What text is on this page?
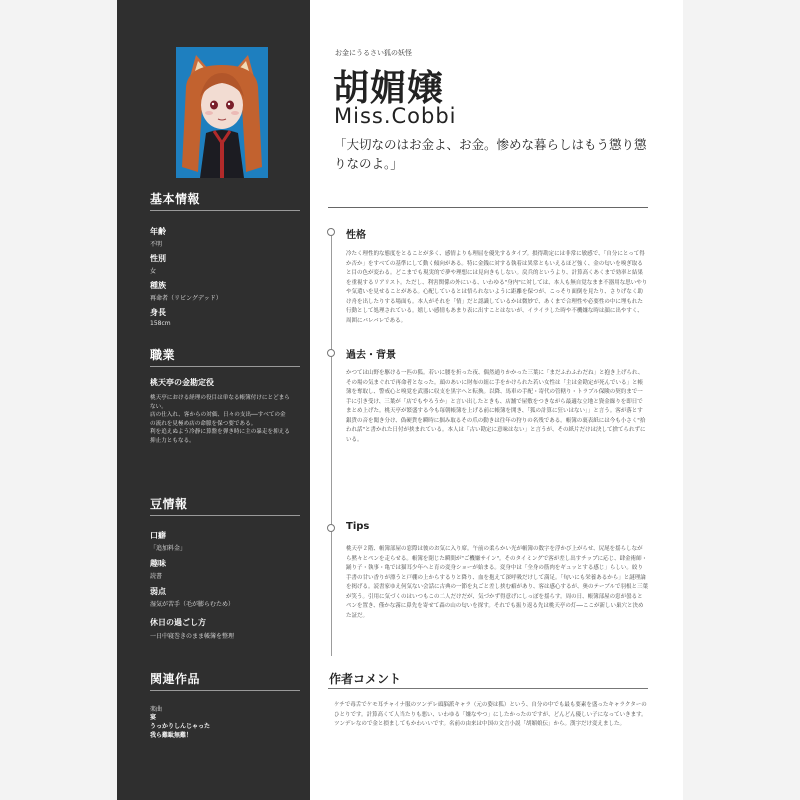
基本情報
年齢
不明
性別
女
種族
再命者（リビングデッド）
身長
158cm
職業
桃天亭の金勘定役

桃天亭における経理の役目は単なる帳簿付けにとどまらない。
店の仕入れ、客からの対価、日々の支出──すべての金の流れを見極め店の命脈を保つ要である。
利を追えぬよう冷静に算盤を弾き時に主の暴走を抑える抑止力ともなる。

豆情報
口癖
「追加料金」
趣味
読書
弱点
湿気が苦手（毛が膨らむため）
休日の過ごし方
一日中寝巻きのまま帳簿を整理
関連作品
楽曲
宴
うっかりしんじゃった
我ら難駄無難！
お金にうるさい狐の妖怪
胡媚嬢
Miss.Cobbi

「大切なのはお金よ、お金。惨めな暮らしはもう懲り懲りなのよ。」

性格

冷たく理性的な態度をとることが多く、感情よりも理屈を優先するタイプ。損得勘定には非常に敏感で、「自分にとって得か否か」をすべての基準にして動く傾向がある。特に金銭に対する執着は異常ともいえるほど強く、金の匂いを嗅ぎ取ると目の色が変わる。どこまでも現実的で夢や理想には見向きもしない。戻兵的というより、計算高くあくまで効率と結果を重視するリアリスト。ただし、利害関係の外にいる、いわゆる"身内"に対しては、本人も無自覚なまま不器用な思いやりや気遣いを見せることがある。心配しているとは悟られないように距離を保つが、こっそり面倒を見たり、さりげなく助け舟を出したりする場面も。本人がそれを「情」だと認識しているかは微妙で、あくまで合理性や必要性の中に埋もれた行動として処理されている。嬉しい感情もあまり表に出すことはないが、イライラした時や不機嫌な時は顔に出やすく、周囲にバレバレである。

過去・背景

かつては山野を駆ける一匹の狐。若いに腰を折った夜、偶然通りかかった三葉に「まだふわふわだね」と抱き上げられ、その場の気まぐれで再命者となった。頭のあいに財布の紐に手をかけられた若い女性は「主は金勘定が死んでいる」と帳簿を奪取し、警戒心と嗅覚を武器に収支を黒字へと転換。以降、馬車の手配・寄代の管轄り・トラブル保険の契約まで一手に引き受け、三葉が「店でもやろうか」と言い出したときも、店舗で屋敷をつきながら最適な立地と資金繰りを即日でまとめ上げた。桃天亭が繁盛する今も毎朝帳簿を上げる前に帳簿を開き、「狐の計算に狂いはない」」と言う。客が落とす銀貨の音を聞き分け、偽硬貨を瞬時に掴み取るその爪の動きは往年の狩りの名残である。帳簿の裏表紙には今も小さく"拾われ話"と書かれた日付が挟まれている。本人は「古い勘定に意味はない」と言うが、その紙片だけは決して捨てられずにいる。

Tips

桃天亭２階、帳簿部屋の窓際は彼のお気に入り席。午前の柔らかい光が帳簿の数字を浮かび上がらせ、尻尾を揺らしながら黙々とペンを走らせる。帳簿を閉じた瞬間が"ご機嫌サイン"。そのタイミングで客が差し出すチップに応じ、肆金術師・踊り子・執事・亀では猫耳少年へと育の変身ショーが始まる。変身中は「全身の筋肉をギュッとする感じ」らしい。絞り手書の甘い香りが漂うと戸棚の上からするりと降り、血を抱えて深呼吸だけして満足。「旬いにも栄養あるから」と謎理論を掲げる。読書家ゆえ何気ない会話に古典の一節を丸ごと差し挟む癖があり、客は感心するが、奥のテーブルで羽根と三葉が笑う。引用に気づくのはいつもこの二人だけだが、気づかず得意げにしっぽを揺らす。周の日、帳簿部屋の窓が曇るとペンを置き、僅かな霧に鼻先を寄せて森の山の匂いを探す。それでも振り返る先は桃天亭の灯──ここが新しい巣穴と決めた証だ。

作者コメント

ケチで毒舌でケモ耳チャイナ服のツンデレ頭脳派キャラ（元の姿は狐）という、自分の中でも最も要素を盛ったキャラクターのひとりです。計算高くて人当たりも悪い、いわゆる「嫌なやつ」にしたかったのですが、どんどん優しい子になっていきます。ツンデレなので金と損ましてもかわいいです。名前の由来は中国の文言小説「胡媚娘伝」から。漢字だけ変えました。
